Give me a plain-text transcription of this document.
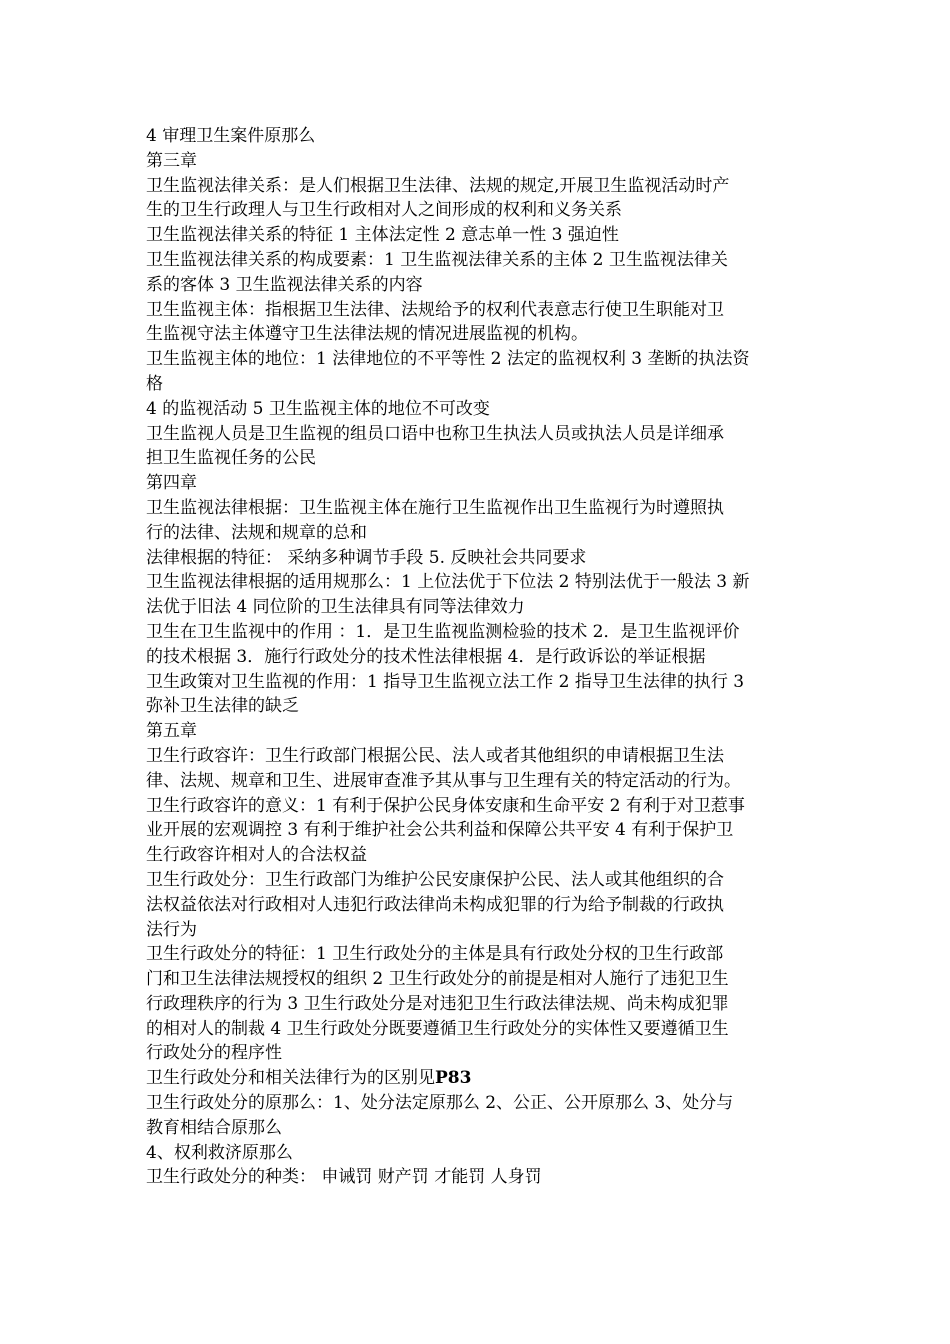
4 审理卫生案件原那么
第三章
卫生监视法律关系：是人们根据卫生法律、法规的规定,开展卫生监视活动时产
生的卫生行政理人与卫生行政相对人之间形成的权利和义务关系
卫生监视法律关系的特征 1 主体法定性 2 意志单一性 3 强迫性
卫生监视法律关系的构成要素：1 卫生监视法律关系的主体 2 卫生监视法律关
系的客体 3 卫生监视法律关系的内容
卫生监视主体：指根据卫生法律、法规给予的权利代表意志行使卫生职能对卫
生监视守法主体遵守卫生法律法规的情况进展监视的机构。
卫生监视主体的地位：1 法律地位的不平等性 2 法定的监视权利 3 垄断的执法资
格
4 的监视活动 5 卫生监视主体的地位不可改变
卫生监视人员是卫生监视的组员口语中也称卫生执法人员或执法人员是详细承
担卫生监视任务的公民
第四章
卫生监视法律根据：卫生监视主体在施行卫生监视作出卫生监视行为时遵照执
行的法律、法规和规章的总和
法律根据的特征： 采纳多种调节手段 5. 反映社会共同要求
卫生监视法律根据的适用规那么：1 上位法优于下位法 2 特别法优于一般法 3 新
法优于旧法 4 同位阶的卫生法律具有同等法律效力
卫生在卫生监视中的作用 ：1．是卫生监视监测检验的技术 2．是卫生监视评价
的技术根据 3．施行行政处分的技术性法律根据 4．是行政诉讼的举证根据
卫生政策对卫生监视的作用：1 指导卫生监视立法工作 2 指导卫生法律的执行 3
弥补卫生法律的缺乏
第五章
卫生行政容许：卫生行政部门根据公民、法人或者其他组织的申请根据卫生法
律、法规、规章和卫生、进展审查准予其从事与卫生理有关的特定活动的行为。
卫生行政容许的意义：1 有利于保护公民身体安康和生命平安 2 有利于对卫惹事
业开展的宏观调控 3 有利于维护社会公共利益和保障公共平安 4 有利于保护卫
生行政容许相对人的合法权益
卫生行政处分：卫生行政部门为维护公民安康保护公民、法人或其他组织的合
法权益依法对行政相对人违犯行政法律尚未构成犯罪的行为给予制裁的行政执
法行为
卫生行政处分的特征：1 卫生行政处分的主体是具有行政处分权的卫生行政部
门和卫生法律法规授权的组织 2 卫生行政处分的前提是相对人施行了违犯卫生
行政理秩序的行为 3 卫生行政处分是对违犯卫生行政法律法规、尚未构成犯罪
的相对人的制裁 4 卫生行政处分既要遵循卫生行政处分的实体性又要遵循卫生
行政处分的程序性
卫生行政处分和相关法律行为的区别见P83
卫生行政处分的原那么：1、处分法定原那么 2、公正、公开原那么 3、处分与
教育相结合原那么
4、权利救济原那么
卫生行政处分的种类： 申诫罚 财产罚 才能罚 人身罚
